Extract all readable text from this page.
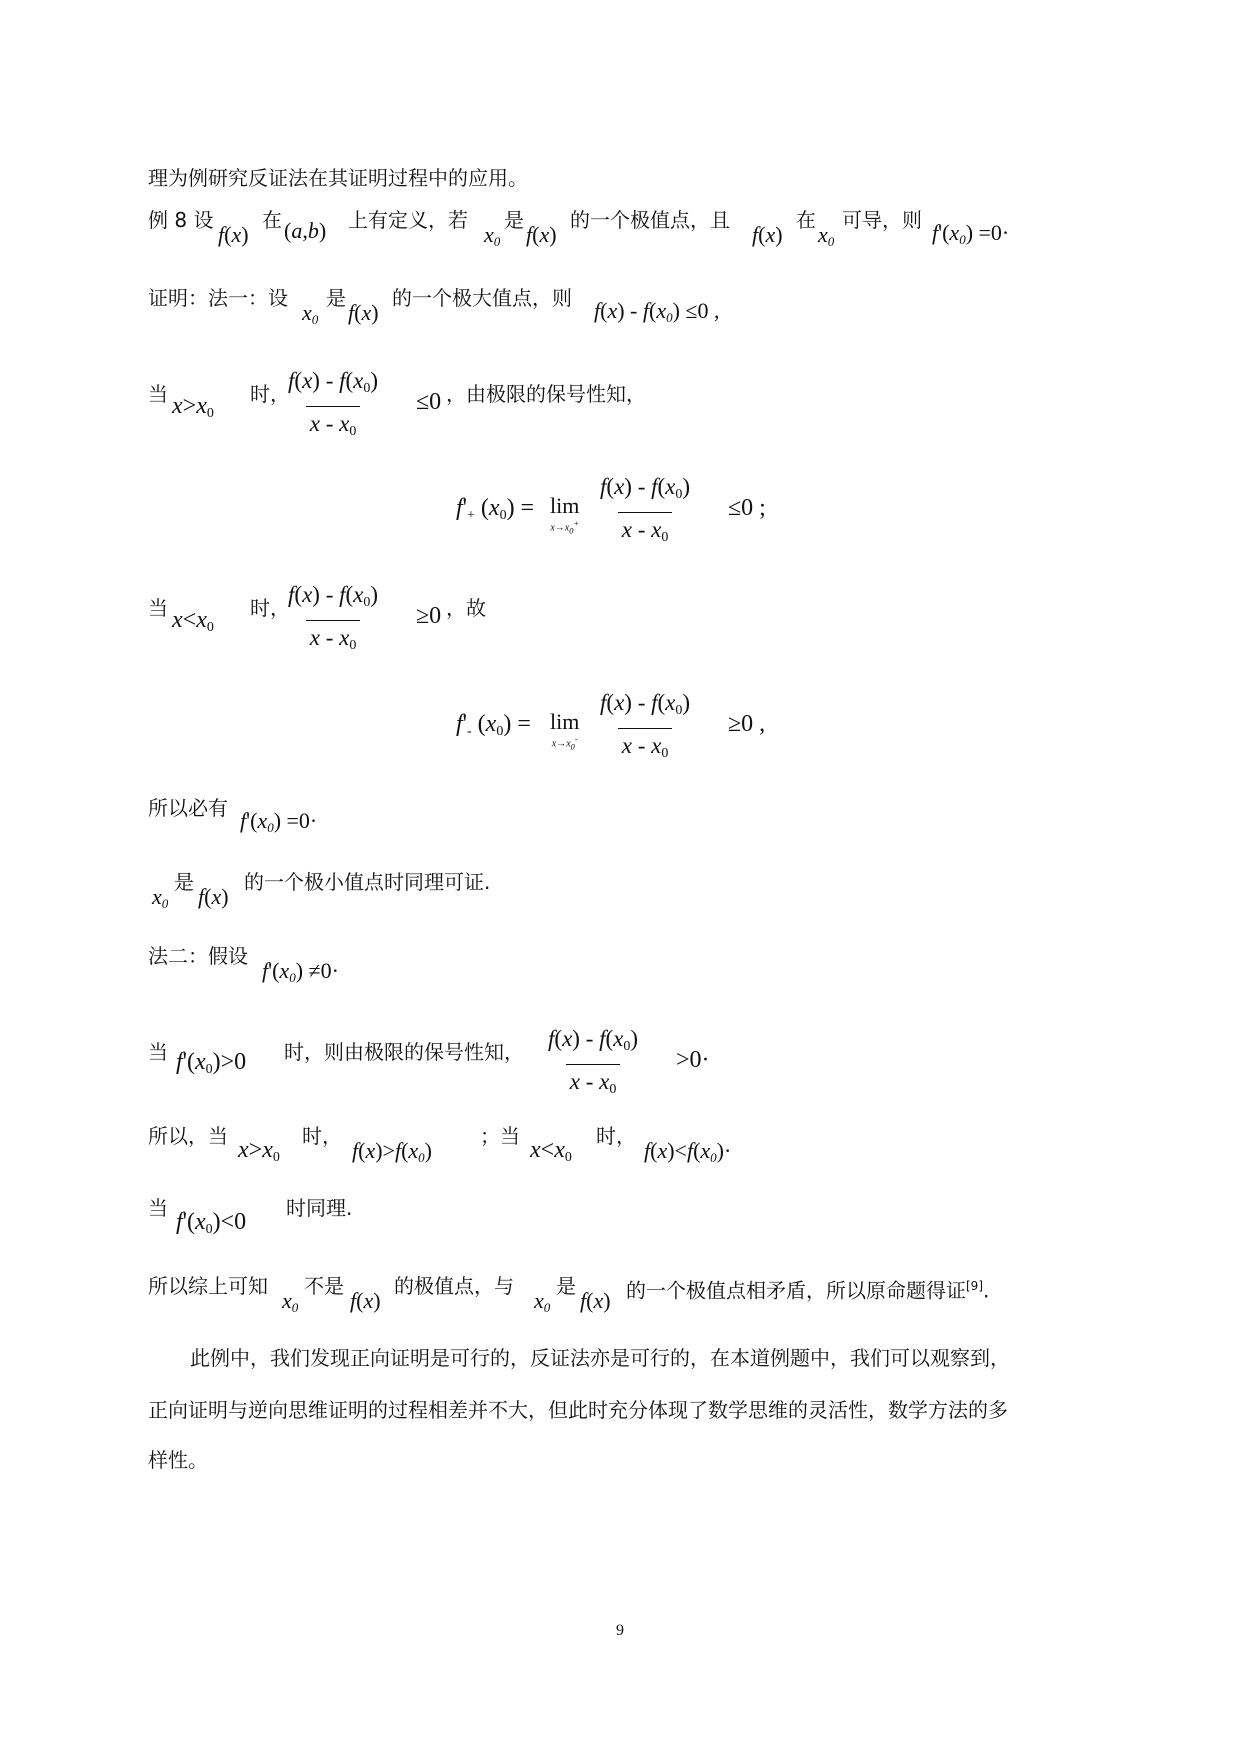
理为例研究反证法在其证明过程中的应用。
例 8 设
f(x)
在 (a,b) 上有定义，若
$x_0$
是
f(x)
的一个极值点，且
f(x)
在
$x_0$
可导，则 $f'(x_0) =0\cdot$
证明：法一：设
$x_0$
是
f(x)
的一个极大值点，则 $f(x) - f(x_0) \le 0$ ,
当 $x>x_0$
时，
$\frac{f(x) - f(x_0)}{x - x_0} \le 0$ ，由极限的保号性知，
$f'_+$ $(x_0) = \lim$
$x\to x_0^+ \frac{f(x) - f(x_0)}{x - x_0} \le 0$ ;
当 $x<x_0$
时，
$\frac{f(x) - f(x_0)}{x - x_0} \ge 0$ ，故
$f'_-$ $(x_0) = \lim$
$x\to x_0^- \frac{f(x) - f(x_0)}{x - x_0} \ge 0$ ,
所以必有 $f'(x_0) =0\cdot$
$x_0$
是
f(x)
的一个极小值点时同理可证.
法二：假设
$f'(x_0) \ne 0\cdot$
当 $f'(x_0)>0$ 时，则由极限的保号性知， $\frac{f(x) - f(x_0)}{x - x_0} >0\cdot$
所以，当
$x>x_0$
时，
$f(x)>f(x_0)$
；当
$x<x_0$
时，
$f(x)<f(x_0)\cdot$
当
$f'(x_0)<0$
时同理.
所以综上可知
$x_0$
不是
f(x)
的极值点，与
$x_0$
是
f(x) 的一个极值点相矛盾，所以原命题得证[9].
此例中，我们发现正向证明是可行的，反证法亦是可行的，在本道例题中，我们可以观察到，
正向证明与逆向思维证明的过程相差并不大，但此时充分体现了数学思维的灵活性，数学方法的多
样性。
9
